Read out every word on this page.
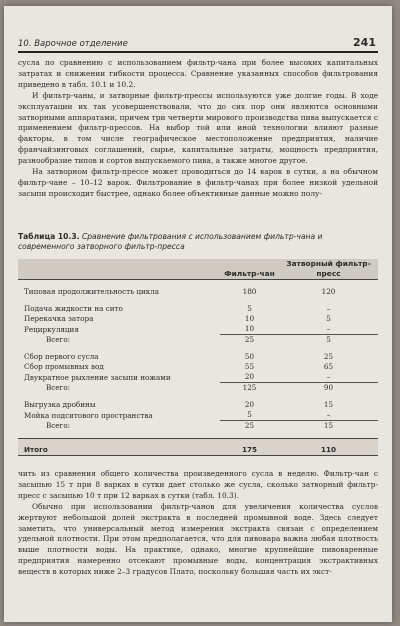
10. Варочное отделение	241

сусла по сравнению с использованием фильтр-чана при более высоких капитальных затратах и снижении гибкости процесса. Сравнение указанных способов фильтрования приведено в табл. 10.1 и 10.2.

И фильтр-чаны, и затворные фильтр-прессы используются уже долгие годы. В ходе эксплуатации их так усовершенствовали, что до сих пор они являются основными затворными аппаратами, причем три четверти мирового производства пива выпускается с применением фильтр-прессов. На выбор той или иной технологии влияют разные факторы, в том числе географическое местоположение предприятия, наличие франчайзинговых соглашений, сырье, капитальные затраты, мощность предприятия, разнообразие типов и сортов выпускаемого пива, а также многое другое.

На затворном фильтр-прессе может проводиться до 14 варок в сутки, а на обычном фильтр-чане – 10–12 варок. Фильтрование в фильтр-чанах при более низкой удельной засыпи происходит быстрее, однако более объективные данные можно полу-

Таблица 10.3. Сравнение фильтрования с использованием фильтр-чана и современного затворного фильтр-пресса
	Фильтр-чан	Затворный фильтр-пресс

Типовая продолжительность цикла	180	120

Подача жидкости на сито	5	–
Перекачка затора	10	5
Рециркуляция	10	–
Всего:	25	5

Сбор первого сусла	50	25
Сбор промывных вод	55	65
Двукратное рыхление засыпи ножами	20	–
Всего:	125	90

Выгрузка дробины	20	15
Мойка подситового пространства	5	–
Всего:	25	15

Итого	175	110

чить из сравнения общего количества произведенного сусла в неделю. Фильтр-чан с засыпью 15 т при 8 варках в сутки дает столько же сусла, сколько затворный фильтр-пресс с засыпью 10 т при 12 варках в сутки (табл. 10.3).

Обычно при использовании фильтр-чанов для увеличения количества суслов жертвуют небольшой долей экстракта в последней промывной воде. Здесь следует заметить, что универсальный метод измерения экстракта связан с определением удельной плотности. При этом предполагается, что для пивовара важна любая плотность выше плотности воды. На практике, однако, многие крупнейшие пивоваренные предприятия намеренно отсекают промывные воды, концентрация экстрактивных веществ в которых ниже 2–3 градусов Плато, поскольку большая часть их экст-
